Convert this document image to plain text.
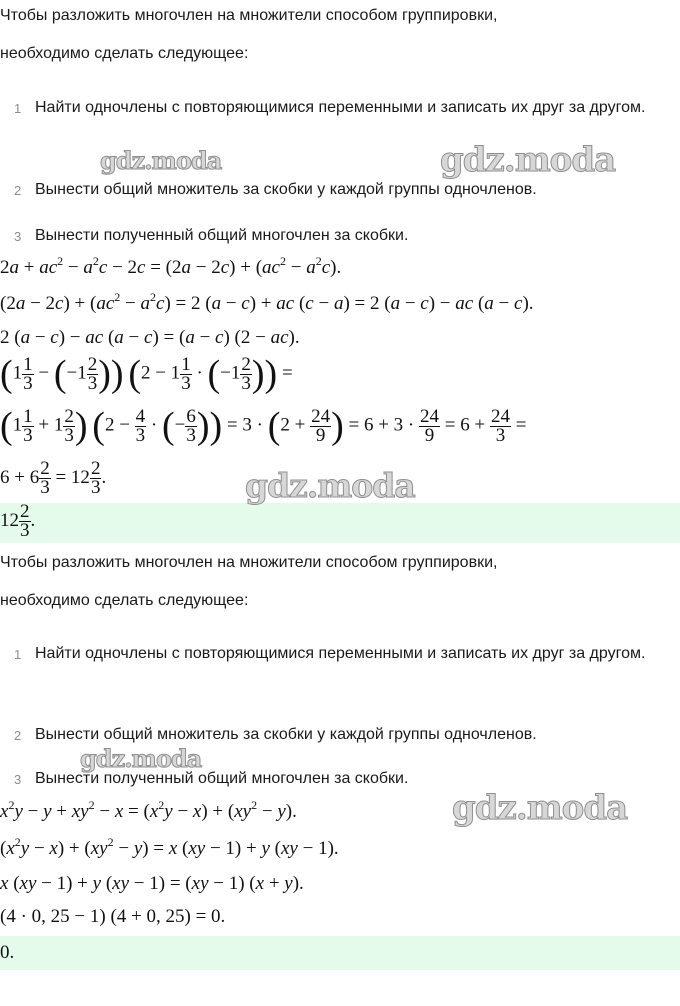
Чтобы разложить многочлен на множители способом группировки,
необходимо сделать следующее:
1 Найти одночлены с повторяющимися переменными и записать их друг за другом.
2 Вынести общий множитель за скобки у каждой группы одночленов.
3 Вынести полученный общий многочлен за скобки.
$2a + ac^2 - a^2c - 2c = (2a - 2c) + (ac^2 - a^2c)$.
$(2a - 2c) + (ac^2 - a^2c) = 2$ (a − c) + ac (c − a) = 2 (a − c) − ac (a − c).
2 (a − c) − ac (a − c) = (a − c) (2 − ac).
($1 \frac{1}{3} - (-1 \frac{2}{3}$ )) ($2 - 1 \frac{1}{3} \cdot (-1 \frac{2}{3}$ )) =
($1 \frac{1}{3} + 1 \frac{2}{3}$ ) ($2 - \frac{4}{3}$ · (− $\frac{6}{3}$ )) = $3 \cdot (2 + \frac{24}{9}$ ) = $6 + 3 \cdot \frac{24}{9} = 6 + \frac{24}{3}$ =
$6 + 6 \frac{2}{3} = 12 \frac{2}{3}$ .
$12 \frac{2}{3}$ .
Чтобы разложить многочлен на множители способом группировки,
необходимо сделать следующее:
1 Найти одночлены с повторяющимися переменными и записать их друг за другом.
2 Вынести общий множитель за скобки у каждой группы одночленов.
3 Вынести полученный общий многочлен за скобки.
$x^2y - y + xy^2 - x = (x^2y - x) + (xy^2 - y)$.
$(x^2y - x) + (xy^2 - y) = x$ (xy − 1) + y (xy − 1).
x (xy − 1) + y (xy − 1) = (xy − 1) (x + y).
(4 · 0, 25 − 1) (4 + 0, 25) = 0.
0.
gdz.moda	gdz.moda
gdz.moda
gdz.moda
gdz.moda
